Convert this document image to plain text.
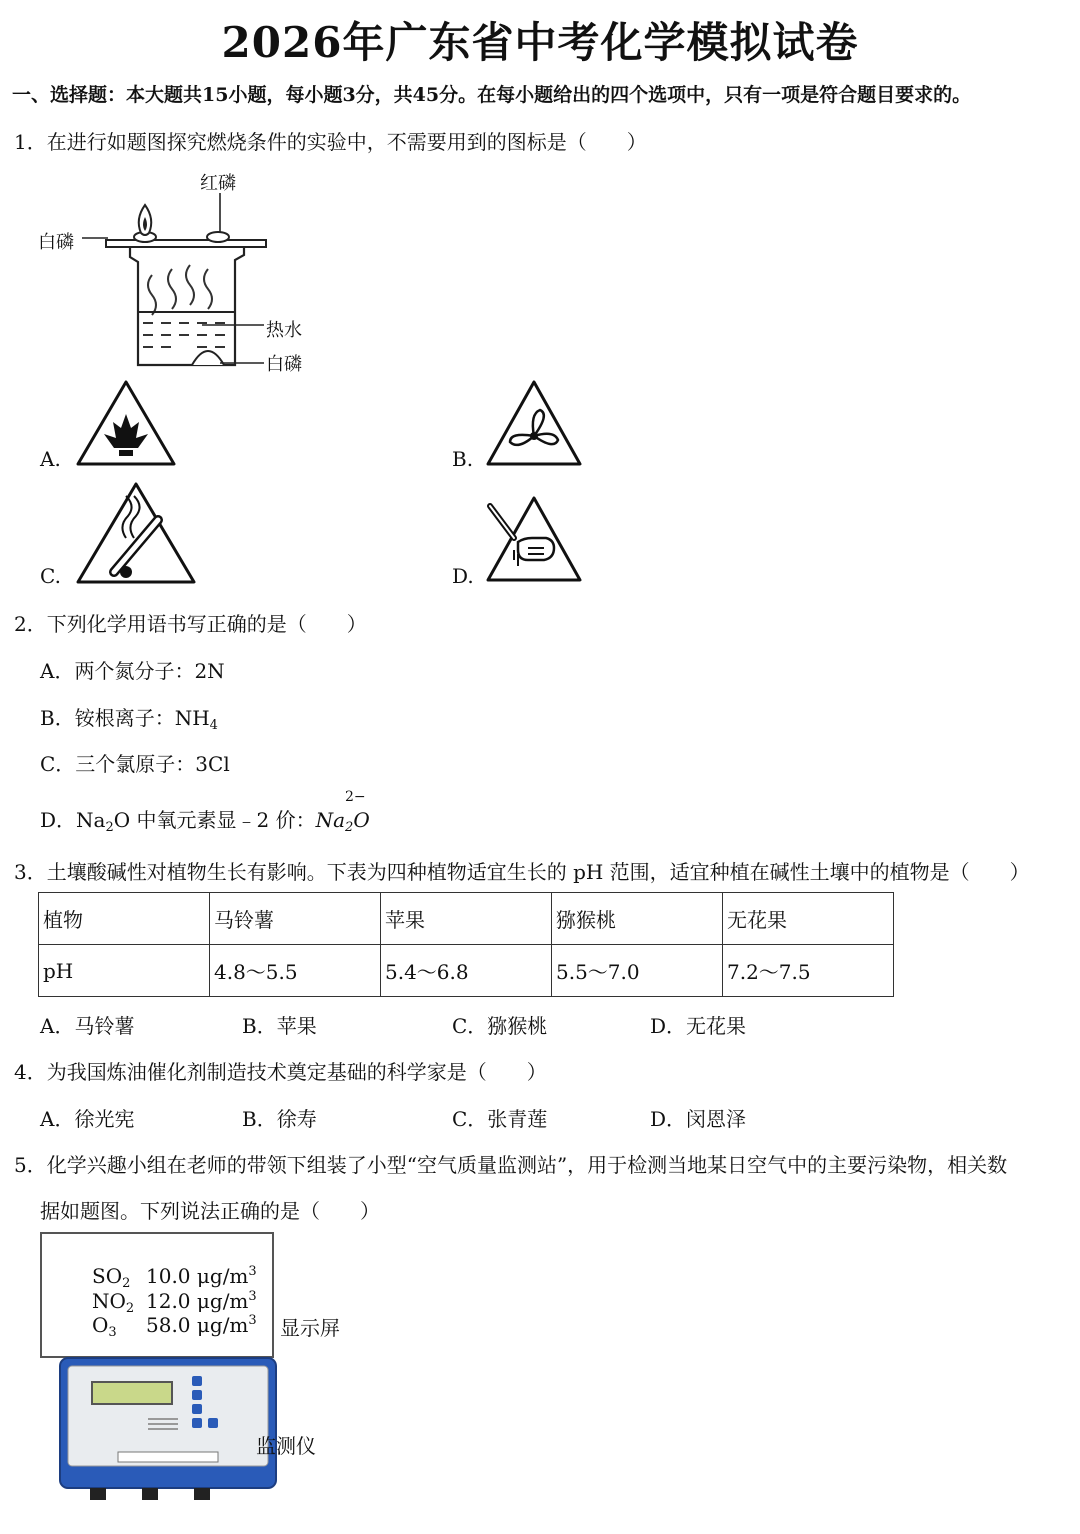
2026年广东省中考化学模拟试卷
一、选择题：本大题共15小题，每小题3分，共45分。在每小题给出的四个选项中，只有一项是符合题目要求的。
1．在进行如题图探究燃烧条件的实验中，不需要用到的图标是（　　）
红磷
白磷
热水
白磷
A.	B.
C.	D.
2．下列化学用语书写正确的是（　　）
A．两个氮分子：2N
B．铵根离子：$NH_4$
C．三个氯原子：3Cl
D．$Na_2O$ 中氧元素显﹣2 价：$Na_2O$
2−
3．土壤酸碱性对植物生长有影响。下表为四种植物适宜生长的 pH 范围，适宜种植在碱性土壤中的植物是（　　）
植物	马铃薯	苹果	猕猴桃	无花果
pH	4.8～5.5	5.4～6.8	5.5～7.0	7.2～7.5
A．马铃薯	B．苹果	C．猕猴桃	D．无花果
4．为我国炼油催化剂制造技术奠定基础的科学家是（　　）
A．徐光宪	B．徐寿	C．张青莲	D．闵恩泽
5．化学兴趣小组在老师的带领下组装了小型“空气质量监测站”，用于检测当地某日空气中的主要污染物，相关数
据如题图。下列说法正确的是（　　）
$SO_2$ 10.0 $\mu g/m^3$
$NO_2$ 12.0 $\mu g/m^3$
$O_3$ 58.0 $\mu g/m^3$ 显示屏
监测仪
